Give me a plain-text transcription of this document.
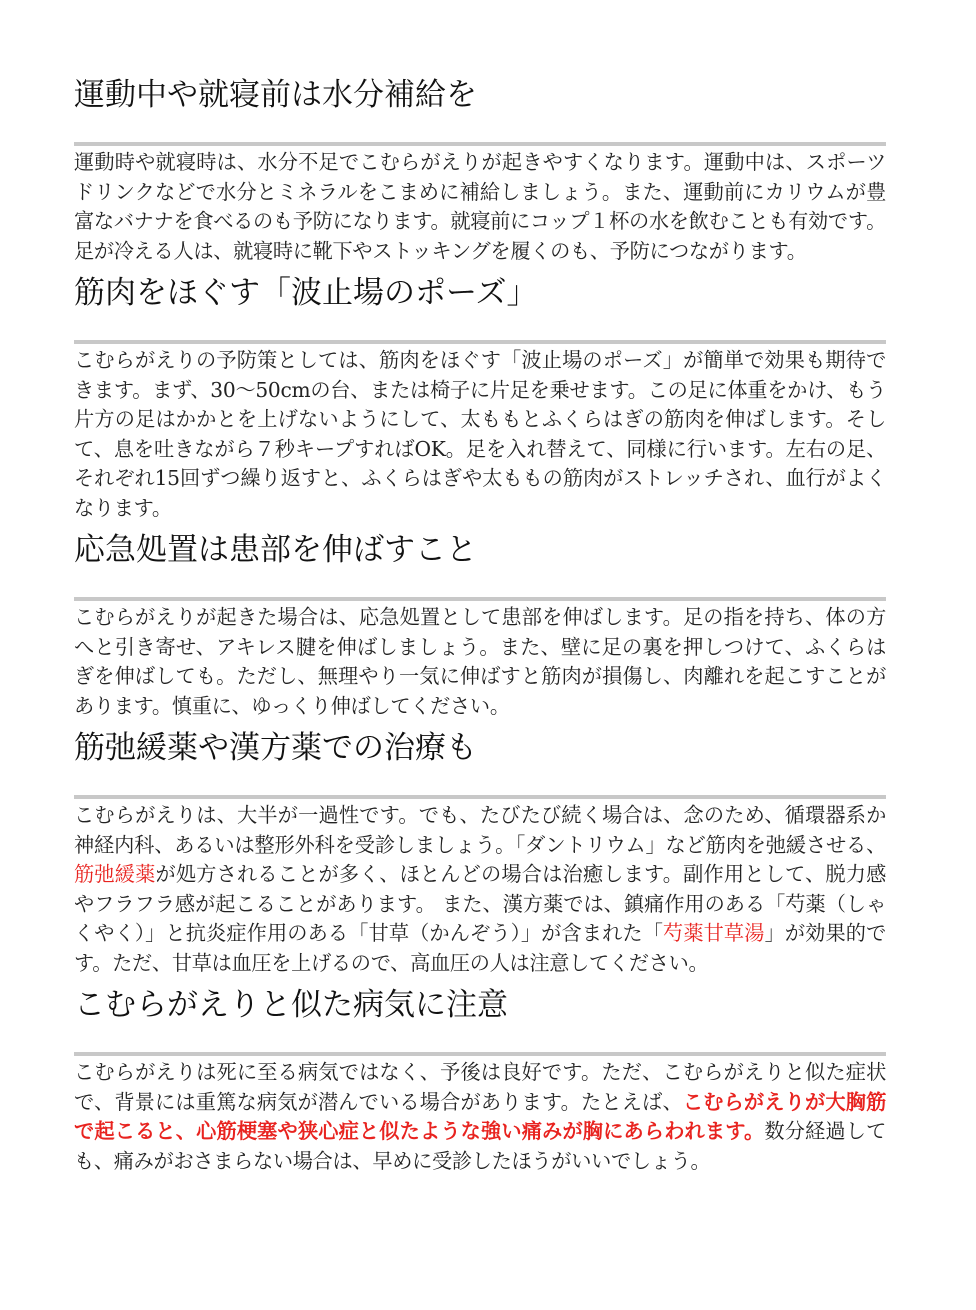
運動中や就寝前は水分補給を

運動時や就寝時は、水分不足でこむらがえりが起きやすくなります。運動中は、スポーツドリンクなどで水分とミネラルをこまめに補給しましょう。また、運動前にカリウムが豊富なバナナを食べるのも予防になります。就寝前にコップ１杯の水を飲むことも有効です。足が冷える人は、就寝時に靴下やストッキングを履くのも、予防につながります。

筋肉をほぐす「波止場のポーズ」

こむらがえりの予防策としては、筋肉をほぐす「波止場のポーズ」が簡単で効果も期待できます。まず、30〜50cmの台、または椅子に片足を乗せます。この足に体重をかけ、もう片方の足はかかとを上げないようにして、太ももとふくらはぎの筋肉を伸ばします。そして、息を吐きながら７秒キープすればOK。足を入れ替えて、同様に行います。左右の足、それぞれ15回ずつ繰り返すと、ふくらはぎや太ももの筋肉がストレッチされ、血行がよくなります。

応急処置は患部を伸ばすこと

こむらがえりが起きた場合は、応急処置として患部を伸ばします。足の指を持ち、体の方へと引き寄せ、アキレス腱を伸ばしましょう。また、壁に足の裏を押しつけて、ふくらはぎを伸ばしても。ただし、無理やり一気に伸ばすと筋肉が損傷し、肉離れを起こすことがあります。慎重に、ゆっくり伸ばしてください。

筋弛緩薬や漢方薬での治療も

こむらがえりは、大半が一過性です。でも、たびたび続く場合は、念のため、循環器系か神経内科、あるいは整形外科を受診しましょう。「ダントリウム」など筋肉を弛緩させる、筋弛緩薬が処方されることが多く、ほとんどの場合は治癒します。副作用として、脱力感やフラフラ感が起こることがあります。 また、漢方薬では、鎮痛作用のある「芍薬（しゃくやく）」と抗炎症作用のある「甘草（かんぞう）」が含まれた「芍薬甘草湯」が効果的です。ただ、甘草は血圧を上げるので、高血圧の人は注意してください。

こむらがえりと似た病気に注意

こむらがえりは死に至る病気ではなく、予後は良好です。ただ、こむらがえりと似た症状で、背景には重篤な病気が潜んでいる場合があります。たとえば、こむらがえりが大胸筋で起こると、心筋梗塞や狭心症と似たような強い痛みが胸にあらわれます。数分経過しても、痛みがおさまらない場合は、早めに受診したほうがいいでしょう。
